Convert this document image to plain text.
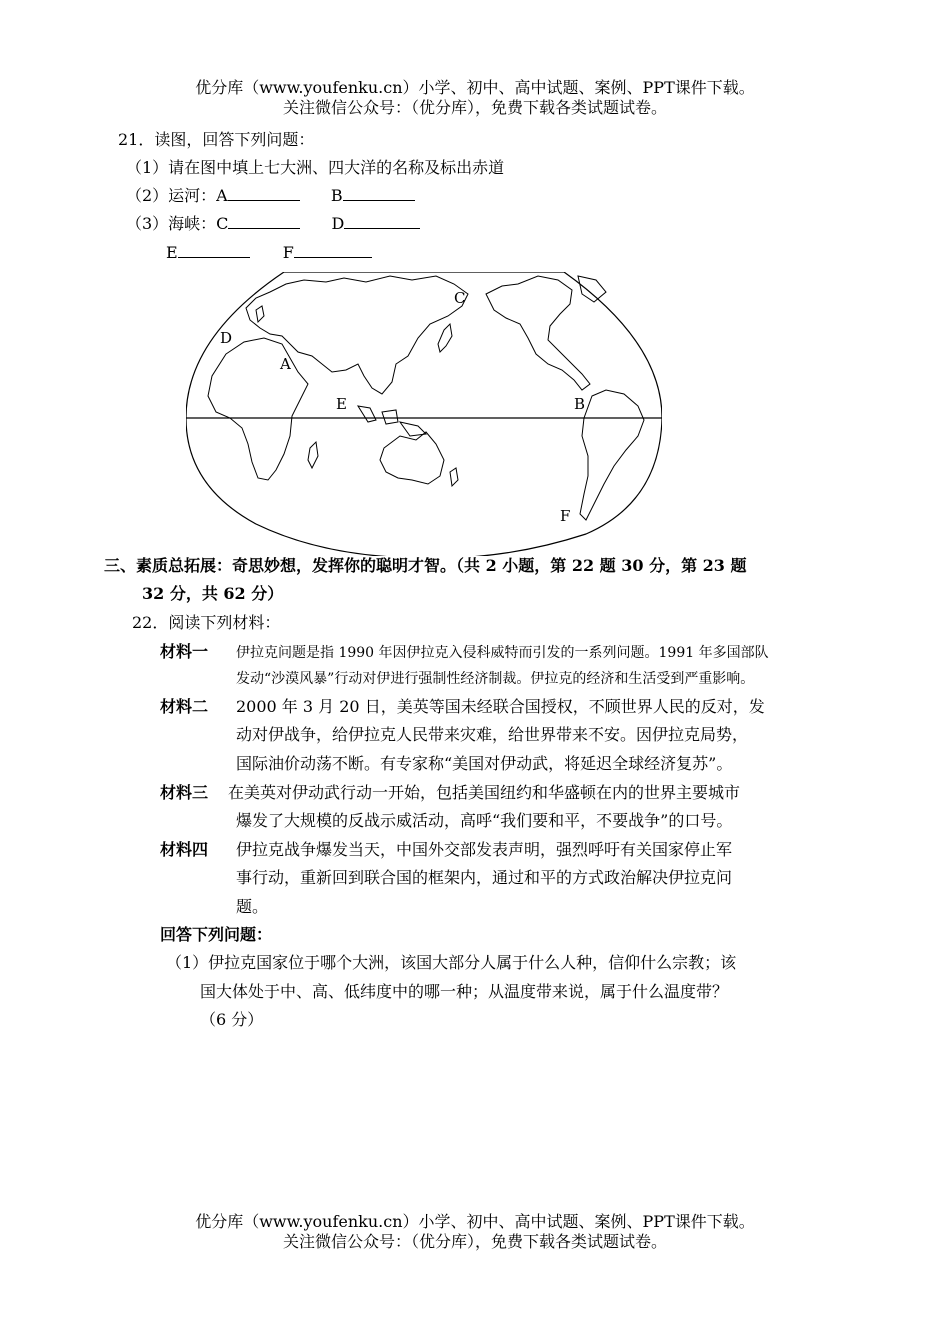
优分库（www.youfenku.cn）小学、初中、高中试题、案例、PPT课件下载。
关注微信公众号：（优分库），免费下载各类试题试卷。
21．读图，回答下列问题：
（1）请在图中填上七大洲、四大洋的名称及标出赤道
（2）运河：A	B
（3）海峡：C	D
E	F
C
D
A
E	B
F
三、素质总拓展：奇思妙想，发挥你的聪明才智。（共 2 小题，第 22 题 30 分，第 23 题
32 分，共 62 分）
22．阅读下列材料：
材料一 伊拉克问题是指 1990 年因伊拉克入侵科威特而引发的一系列问题。1991 年多国部队
发动“沙漠风暴”行动对伊进行强制性经济制裁。伊拉克的经济和生活受到严重影响。
材料二 2000 年 3 月 20 日，美英等国未经联合国授权，不顾世界人民的反对，发
动对伊战争，给伊拉克人民带来灾难，给世界带来不安。因伊拉克局势，
国际油价动荡不断。有专家称“美国对伊动武，将延迟全球经济复苏”。
材料三 在美英对伊动武行动一开始，包括美国纽约和华盛顿在内的世界主要城市
爆发了大规模的反战示威活动，高呼“我们要和平，不要战争”的口号。
材料四 伊拉克战争爆发当天，中国外交部发表声明，强烈呼吁有关国家停止军
事行动，重新回到联合国的框架内，通过和平的方式政治解决伊拉克问
题。
回答下列问题：
（1）伊拉克国家位于哪个大洲，该国大部分人属于什么人种，信仰什么宗教；该
国大体处于中、高、低纬度中的哪一种；从温度带来说，属于什么温度带？
（6 分）
优分库（www.youfenku.cn）小学、初中、高中试题、案例、PPT课件下载。
关注微信公众号：（优分库），免费下载各类试题试卷。
